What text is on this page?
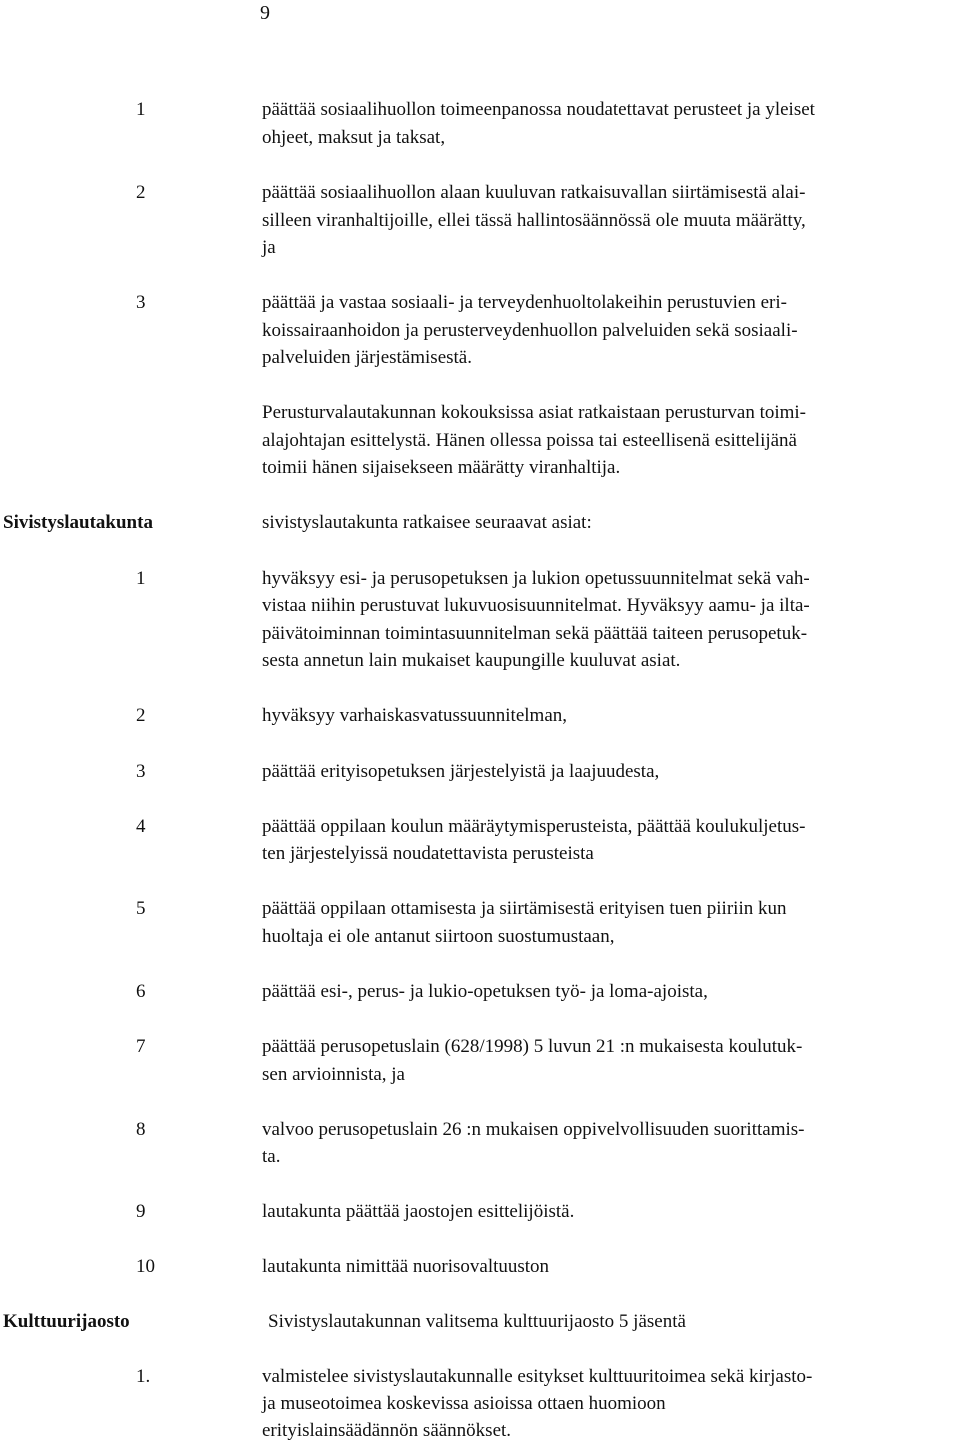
9
1	päättää sosiaalihuollon toimeenpanossa noudatettavat perusteet ja yleiset
ohjeet, maksut ja taksat,
2	päättää sosiaalihuollon alaan kuuluvan ratkaisuvallan siirtämisestä alai-
silleen viranhaltijoille, ellei tässä hallintosäännössä ole muuta määrätty,
ja
3	päättää ja vastaa sosiaali- ja terveydenhuoltolakeihin perustuvien eri-
koissairaanhoidon ja perusterveydenhuollon palveluiden sekä sosiaali-
palveluiden järjestämisestä.
Perusturvalautakunnan kokouksissa asiat ratkaistaan perusturvan toimi-
alajohtajan esittelystä. Hänen ollessa poissa tai esteellisenä esittelijänä
toimii hänen sijaisekseen määrätty viranhaltija.
Sivistyslautakunta	sivistyslautakunta ratkaisee seuraavat asiat:
1	hyväksyy esi- ja perusopetuksen ja lukion opetussuunnitelmat sekä vah-
vistaa niihin perustuvat lukuvuosisuunnitelmat. Hyväksyy aamu- ja ilta-
päivätoiminnan toimintasuunnitelman sekä päättää taiteen perusopetuk-
sesta annetun lain mukaiset kaupungille kuuluvat asiat.
2	hyväksyy varhaiskasvatussuunnitelman,
3	päättää erityisopetuksen järjestelyistä ja laajuudesta,
4	päättää oppilaan koulun määräytymisperusteista, päättää koulukuljetus-
ten järjestelyissä noudatettavista perusteista
5	päättää oppilaan ottamisesta ja siirtämisestä erityisen tuen piiriin kun
huoltaja ei ole antanut siirtoon suostumustaan,
6	päättää esi-, perus- ja lukio-opetuksen työ- ja loma-ajoista,
7	päättää perusopetuslain (628/1998) 5 luvun 21 :n mukaisesta koulutuk-
sen arvioinnista, ja
8	valvoo perusopetuslain 26 :n mukaisen oppivelvollisuuden suorittamis-
ta.
9	lautakunta päättää jaostojen esittelijöistä.
10	lautakunta nimittää nuorisovaltuuston
Kulttuurijaosto	Sivistyslautakunnan valitsema kulttuurijaosto 5 jäsentä
1.	valmistelee sivistyslautakunnalle esitykset kulttuuritoimea sekä kirjasto-
ja museotoimea koskevissa asioissa ottaen huomioon
erityislainsäädännön säännökset.
